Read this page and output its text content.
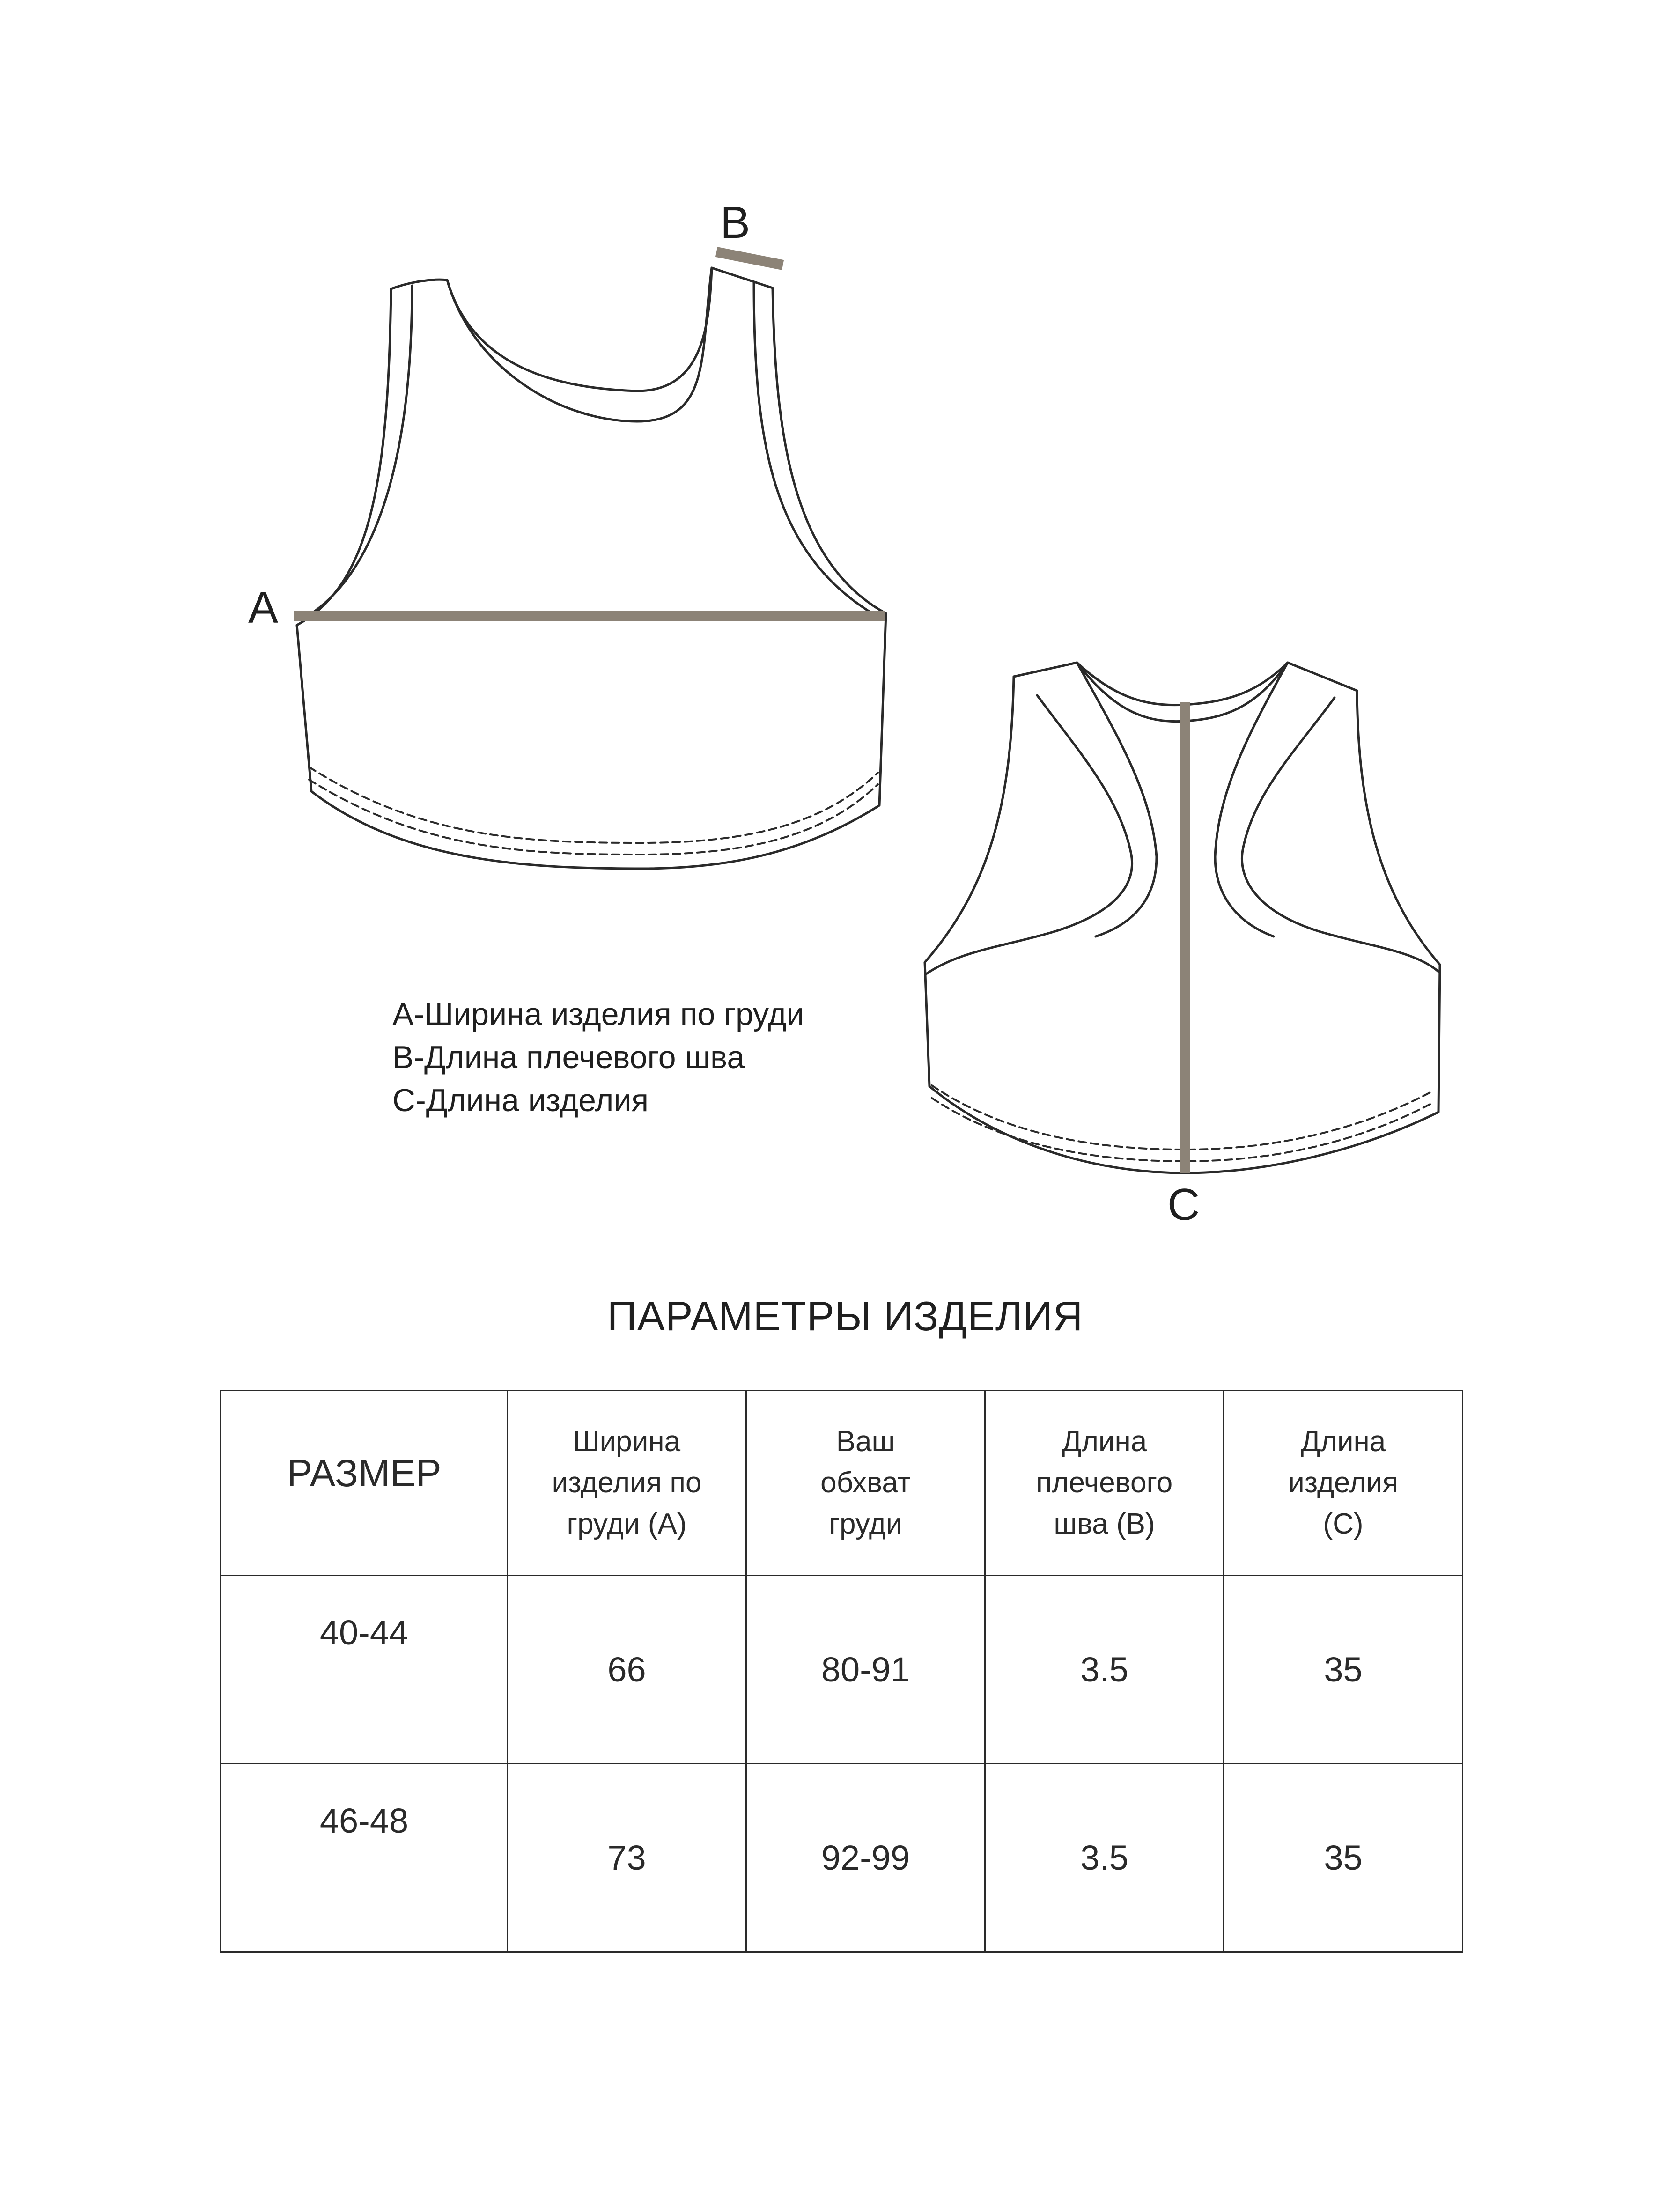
A
B
C
A-Ширина изделия по груди
B-Длина плечевого шва
C-Длина изделия
ПАРАМЕТРЫ ИЗДЕЛИЯ
РАЗМЕР	Ширина изделия по груди (А)	Ваш обхват груди	Длина плечевого шва (В)	Длина изделия (С)
40-44	66	80-91	3.5	35
46-48	73	92-99	3.5	35
